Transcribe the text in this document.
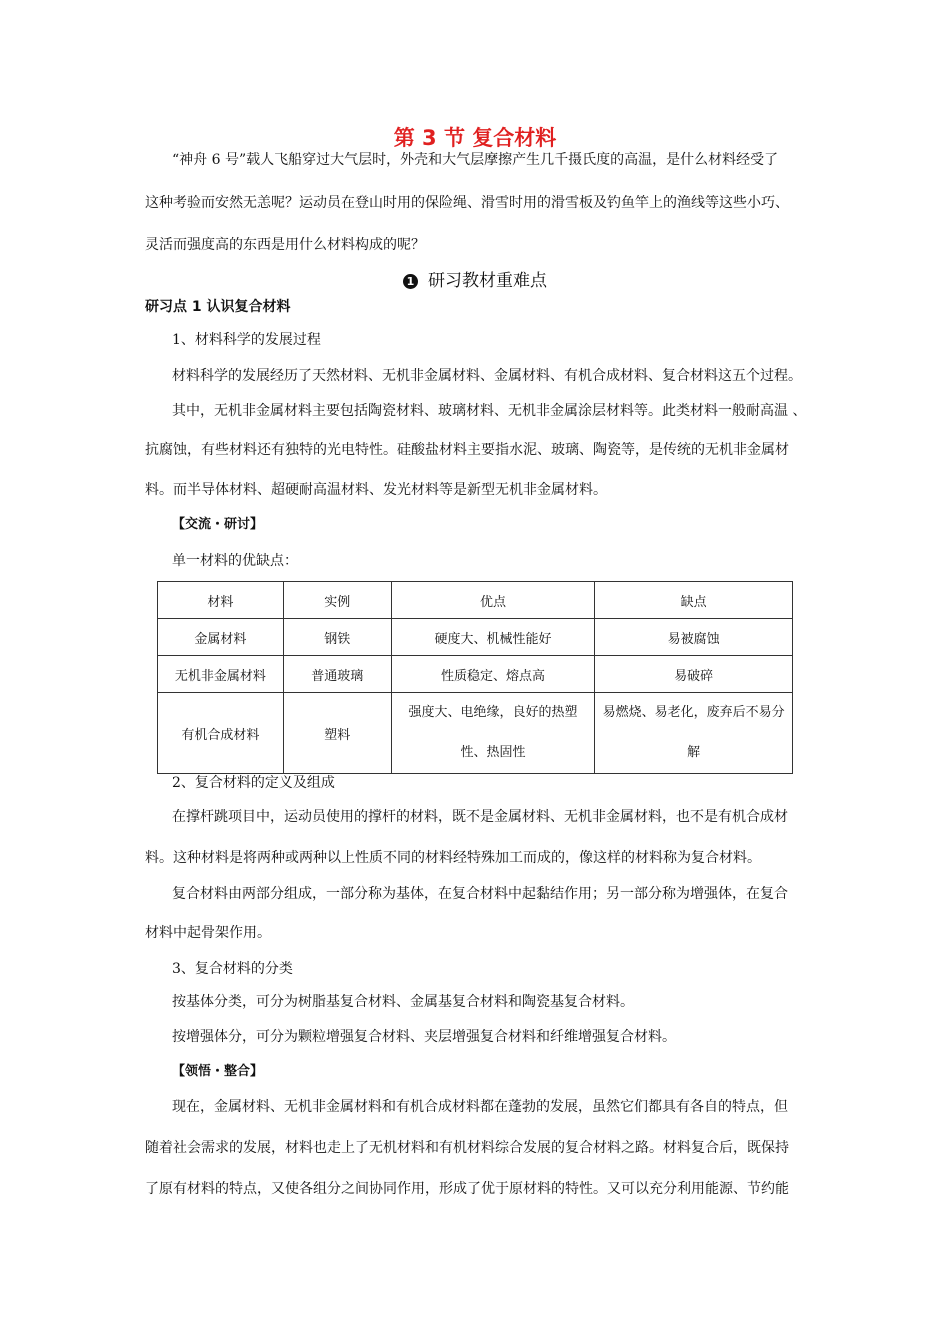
第 3 节 复合材料
“神舟 6 号”载人飞船穿过大气层时，外壳和大气层摩擦产生几千摄氏度的高温，是什么材料经受了
这种考验而安然无恙呢？运动员在登山时用的保险绳、滑雪时用的滑雪板及钓鱼竿上的渔线等这些小巧、
灵活而强度高的东西是用什么材料构成的呢？
1 研习教材重难点
研习点 1 认识复合材料
1、材料科学的发展过程
材料科学的发展经历了天然材料、无机非金属材料、金属材料、有机合成材料、复合材料这五个过程。
其中，无机非金属材料主要包括陶瓷材料、玻璃材料、无机非金属涂层材料等。此类材料一般耐高温 、
抗腐蚀，有些材料还有独特的光电特性。硅酸盐材料主要指水泥、玻璃、陶瓷等，是传统的无机非金属材
料。而半导体材料、超硬耐高温材料、发光材料等是新型无机非金属材料。
【交流・研讨】
单一材料的优缺点：
材料	实例	优点	缺点
金属材料	钢铁	硬度大、机械性能好	易被腐蚀
无机非金属材料	普通玻璃	性质稳定、熔点高	易破碎
有机合成材料	塑料	强度大、电绝缘，良好的热塑性、热固性	易燃烧、易老化，废弃后不易分解
2、复合材料的定义及组成
在撑杆跳项目中，运动员使用的撑杆的材料，既不是金属材料、无机非金属材料，也不是有机合成材
料。这种材料是将两种或两种以上性质不同的材料经特殊加工而成的，像这样的材料称为复合材料。
复合材料由两部分组成，一部分称为基体，在复合材料中起黏结作用；另一部分称为增强体，在复合
材料中起骨架作用。
3、复合材料的分类
按基体分类，可分为树脂基复合材料、金属基复合材料和陶瓷基复合材料。
按增强体分，可分为颗粒增强复合材料、夹层增强复合材料和纤维增强复合材料。
【领悟・整合】
现在，金属材料、无机非金属材料和有机合成材料都在蓬勃的发展，虽然它们都具有各自的特点，但
随着社会需求的发展，材料也走上了无机材料和有机材料综合发展的复合材料之路。材料复合后，既保持
了原有材料的特点，又使各组分之间协同作用，形成了优于原材料的特性。又可以充分利用能源、节约能
